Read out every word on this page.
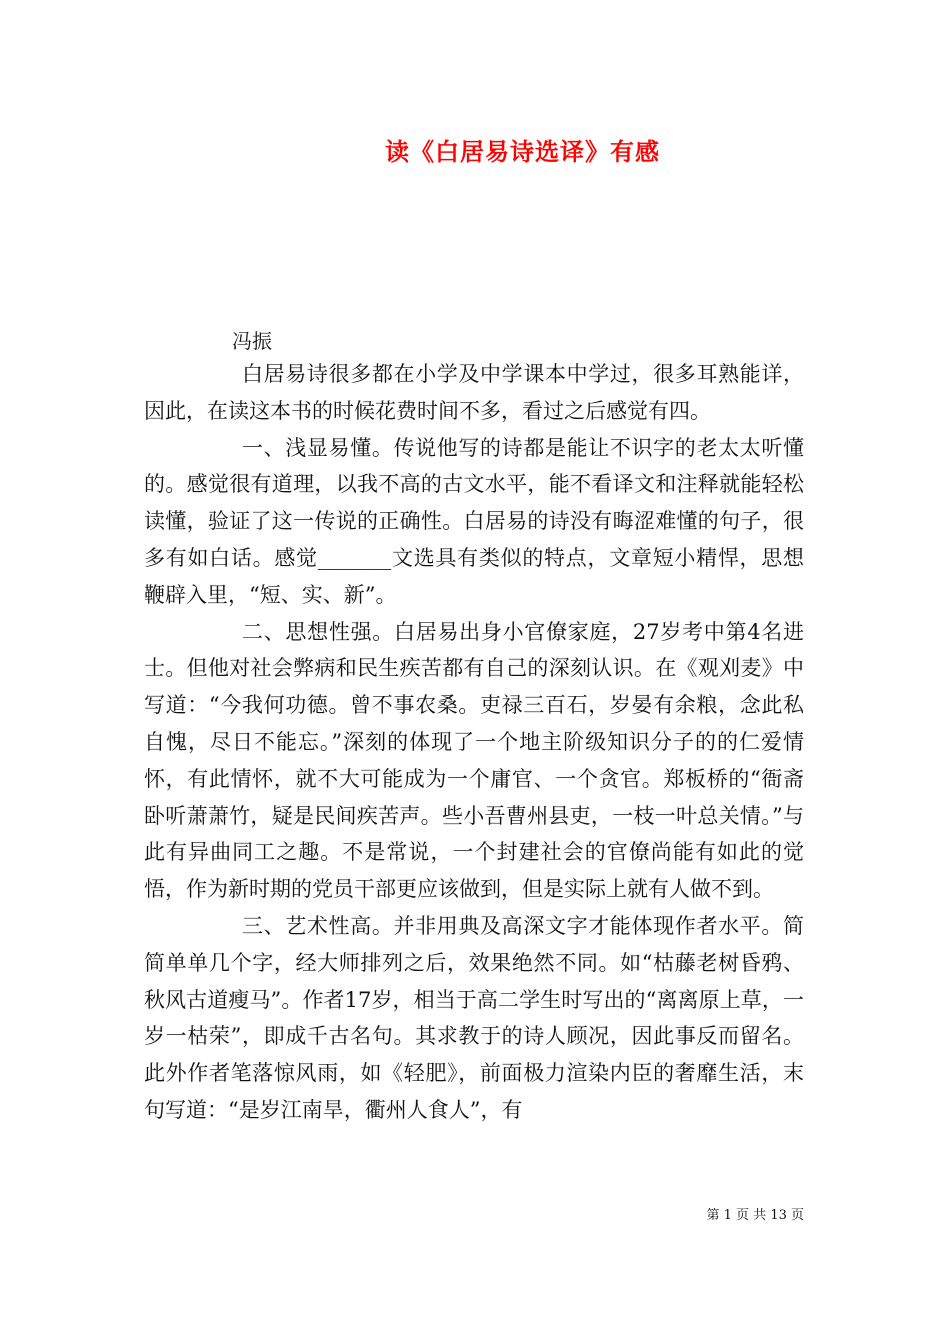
读《白居易诗选译》有感
冯振

白居易诗很多都在小学及中学课本中学过，很多耳熟能详，因此，在读这本书的时候花费时间不多，看过之后感觉有四。

一、浅显易懂。传说他写的诗都是能让不识字的老太太听懂的。感觉很有道理，以我不高的古文水平，能不看译文和注释就能轻松读懂，验证了这一传说的正确性。白居易的诗没有晦涩难懂的句子，很多有如白话。感觉_______文选具有类似的特点，文章短小精悍，思想鞭辟入里，“短、实、新”。

二、思想性强。白居易出身小官僚家庭，27岁考中第4名进士。但他对社会弊病和民生疾苦都有自己的深刻认识。在《观刈麦》中写道：“今我何功德。曾不事农桑。吏禄三百石，岁晏有余粮，念此私自愧，尽日不能忘。”深刻的体现了一个地主阶级知识分子的的仁爱情怀，有此情怀，就不大可能成为一个庸官、一个贪官。郑板桥的“衙斋卧听萧萧竹，疑是民间疾苦声。些小吾曹州县吏，一枝一叶总关情。”与此有异曲同工之趣。不是常说，一个封建社会的官僚尚能有如此的觉悟，作为新时期的党员干部更应该做到，但是实际上就有人做不到。

三、艺术性高。并非用典及高深文字才能体现作者水平。简简单单几个字，经大师排列之后，效果绝然不同。如“枯藤老树昏鸦、秋风古道瘦马”。作者17岁，相当于高二学生时写出的“离离原上草，一岁一枯荣”，即成千古名句。其求教于的诗人顾况，因此事反而留名。此外作者笔落惊风雨，如《轻肥》，前面极力渲染内臣的奢靡生活，末句写道：“是岁江南旱，衢州人食人”，有

第 1 页 共 13 页
